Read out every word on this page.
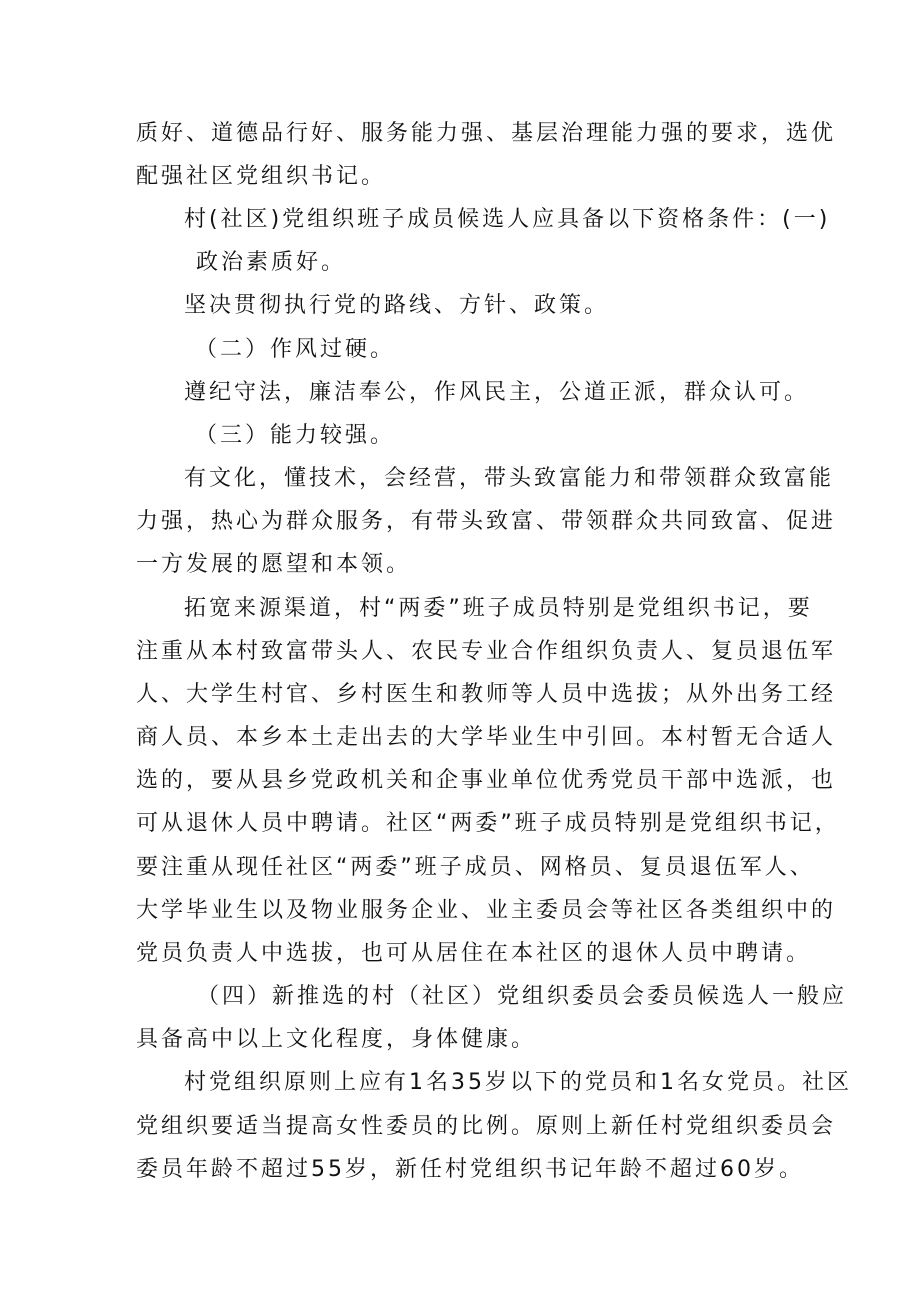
质好、道德品行好、服务能力强、基层治理能力强的要求，选优
配强社区党组织书记。
村(社区)党组织班子成员候选人应具备以下资格条件：(一)
政治素质好。
坚决贯彻执行党的路线、方针、政策。
（二）作风过硬。
遵纪守法，廉洁奉公，作风民主，公道正派，群众认可。
（三）能力较强。
有文化，懂技术，会经营，带头致富能力和带领群众致富能
力强，热心为群众服务，有带头致富、带领群众共同致富、促进
一方发展的愿望和本领。
拓宽来源渠道，村“两委”班子成员特别是党组织书记，要
注重从本村致富带头人、农民专业合作组织负责人、复员退伍军
人、大学生村官、乡村医生和教师等人员中选拔；从外出务工经
商人员、本乡本土走出去的大学毕业生中引回。本村暂无合适人
选的，要从县乡党政机关和企事业单位优秀党员干部中选派，也
可从退休人员中聘请。社区“两委”班子成员特别是党组织书记，
要注重从现任社区“两委”班子成员、网格员、复员退伍军人、
大学毕业生以及物业服务企业、业主委员会等社区各类组织中的
党员负责人中选拔，也可从居住在本社区的退休人员中聘请。
（四）新推选的村（社区）党组织委员会委员候选人一般应
具备高中以上文化程度，身体健康。
村党组织原则上应有1名35岁以下的党员和1名女党员。社区
党组织要适当提高女性委员的比例。原则上新任村党组织委员会
委员年龄不超过55岁，新任村党组织书记年龄不超过60岁。
